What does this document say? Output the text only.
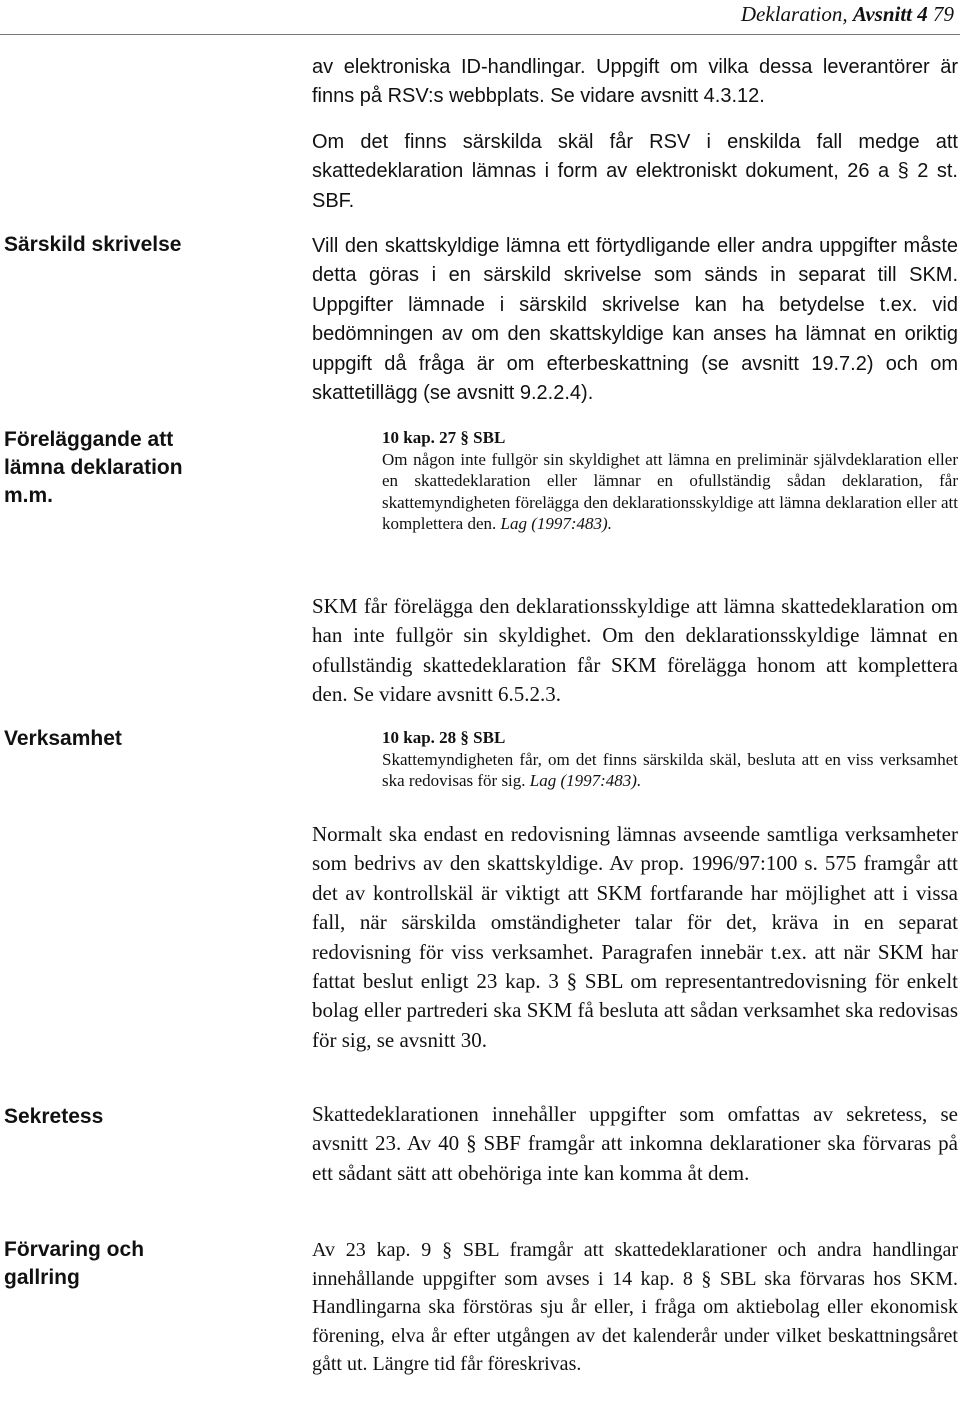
Deklaration, Avsnitt 4 79
Särskild skrivelse
Föreläggande att lämna deklaration m.m.
Verksamhet
Sekretess
Förvaring och gallring

av elektroniska ID-handlingar. Uppgift om vilka dessa leverantörer är finns på RSV:s webbplats. Se vidare avsnitt 4.3.12.

Om det finns särskilda skäl får RSV i enskilda fall medge att skattedeklaration lämnas i form av elektroniskt dokument, 26 a § 2 st. SBF.

Vill den skattskyldige lämna ett förtydligande eller andra uppgifter måste detta göras i en särskild skrivelse som sänds in separat till SKM. Uppgifter lämnade i särskild skrivelse kan ha betydelse t.ex. vid bedömningen av om den skattskyldige kan anses ha lämnat en oriktig uppgift då fråga är om efterbeskattning (se avsnitt 19.7.2) och om skattetillägg (se avsnitt 9.2.2.4).

10 kap. 27 § SBL
Om någon inte fullgör sin skyldighet att lämna en preliminär självdeklaration eller en skattedeklaration eller lämnar en ofullständig sådan deklaration, får skattemyndigheten förelägga den deklarationsskyldige att lämna deklaration eller att komplettera den. Lag (1997:483).

SKM får förelägga den deklarationsskyldige att lämna skattedeklaration om han inte fullgör sin skyldighet. Om den deklarationsskyldige lämnat en ofullständig skattedeklaration får SKM förelägga honom att komplettera den. Se vidare avsnitt 6.5.2.3.

10 kap. 28 § SBL
Skattemyndigheten får, om det finns särskilda skäl, besluta att en viss verksamhet ska redovisas för sig. Lag (1997:483).

Normalt ska endast en redovisning lämnas avseende samtliga verksamheter som bedrivs av den skattskyldige. Av prop. 1996/97:100 s. 575 framgår att det av kontrollskäl är viktigt att SKM fortfarande har möjlighet att i vissa fall, när särskilda omständigheter talar för det, kräva in en separat redovisning för viss verksamhet. Paragrafen innebär t.ex. att när SKM har fattat beslut enligt 23 kap. 3 § SBL om representantredovisning för enkelt bolag eller partrederi ska SKM få besluta att sådan verksamhet ska redovisas för sig, se avsnitt 30.

Skattedeklarationen innehåller uppgifter som omfattas av sekretess, se avsnitt 23. Av 40 § SBF framgår att inkomna deklarationer ska förvaras på ett sådant sätt att obehöriga inte kan komma åt dem.

Av 23 kap. 9 § SBL framgår att skattedeklarationer och andra handlingar innehållande uppgifter som avses i 14 kap. 8 § SBL ska förvaras hos SKM. Handlingarna ska förstöras sju år eller, i fråga om aktiebolag eller ekonomisk förening, elva år efter utgången av det kalenderår under vilket beskattningsåret gått ut. Längre tid får föreskrivas.
